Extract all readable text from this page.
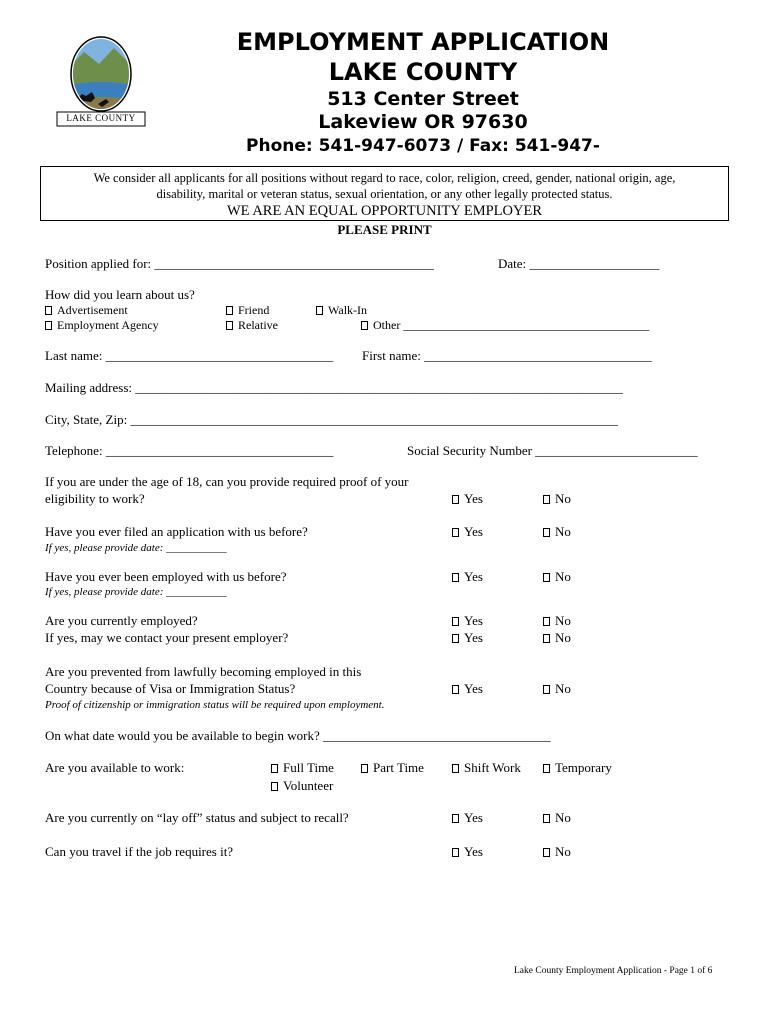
LAKE COUNTY
EMPLOYMENT APPLICATION
LAKE COUNTY
513 Center Street
Lakeview OR 97630
Phone: 541-947-6073 / Fax: 541-947-
We consider all applicants for all positions without regard to race, color, religion, creed, gender, national origin, age,
disability, marital or veteran status, sexual orientation, or any other legally protected status.
WE ARE AN EQUAL OPPORTUNITY EMPLOYER
PLEASE PRINT
Position applied for: ___________________________________________	Date: ____________________
How did you learn about us?
Advertisement	Friend	Walk-In
Employment Agency	Relative	Other _________________________________________
Last name: ___________________________________ First name: ___________________________________
Mailing address: ___________________________________________________________________________
City, State, Zip: ___________________________________________________________________________
Telephone: ___________________________________	Social Security Number _________________________
If you are under the age of 18, can you provide required proof of your
eligibility to work?	Yes	No
Have you ever filed an application with us before?	Yes	No
If yes, please provide date: ___________
Have you ever been employed with us before?	Yes	No
If yes, please provide date: ___________
Are you currently employed?	Yes	No
If yes, may we contact your present employer?	Yes	No
Are you prevented from lawfully becoming employed in this
Country because of Visa or Immigration Status?	Yes	No
Proof of citizenship or immigration status will be required upon employment.
On what date would you be available to begin work? ___________________________________
Are you available to work:	Full Time	Part Time	Shift Work	Temporary
Volunteer
Are you currently on “lay off” status and subject to recall?	Yes	No
Can you travel if the job requires it?	Yes	No
Lake County Employment Application - Page 1 of 6
